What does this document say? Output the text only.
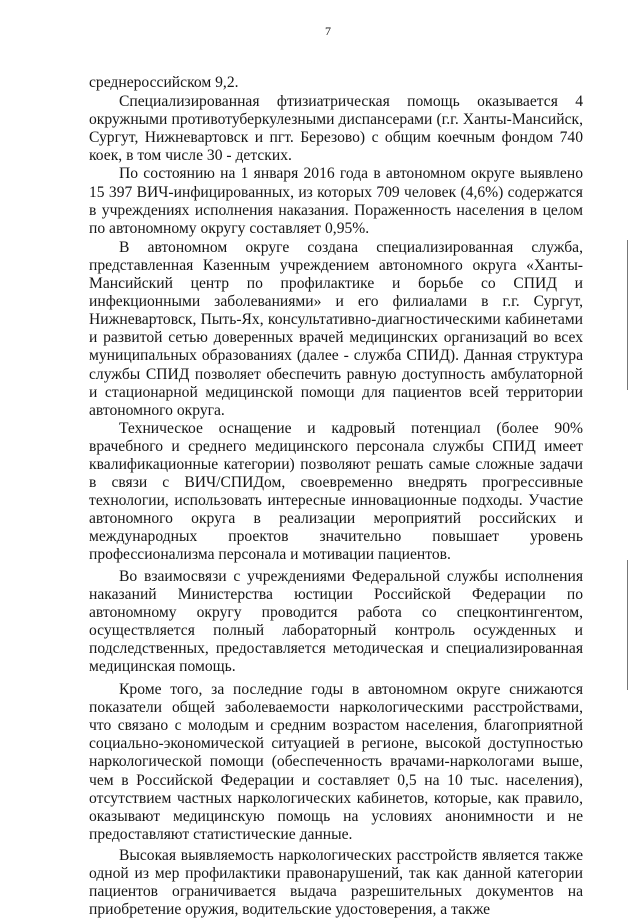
7

среднероссийском 9,2.

Специализированная фтизиатрическая помощь оказывается 4 окружными противотуберкулезными диспансерами (г.г. Ханты-Мансийск, Сургут, Нижневартовск и пгт. Березово) с общим коечным фондом 740 коек, в том числе 30 - детских.

По состоянию на 1 января 2016 года в автономном округе выявлено 15 397 ВИЧ-инфицированных, из которых 709 человек (4,6%) содержатся в учреждениях исполнения наказания. Пораженность населения в целом по автономному округу составляет 0,95%.

В автономном округе создана специализированная служба, представленная Казенным учреждением автономного округа «Ханты-Мансийский центр по профилактике и борьбе со СПИД и инфекционными заболеваниями» и его филиалами в г.г. Сургут, Нижневартовск, Пыть-Ях, консультативно-диагностическими кабинетами и развитой сетью доверенных врачей медицинских организаций во всех муниципальных образованиях (далее - служба СПИД). Данная структура службы СПИД позволяет обеспечить равную доступность амбулаторной и стационарной медицинской помощи для пациентов всей территории автономного округа.

Техническое оснащение и кадровый потенциал (более 90% врачебного и среднего медицинского персонала службы СПИД имеет квалификационные категории) позволяют решать самые сложные задачи в связи с ВИЧ/СПИДом, своевременно внедрять прогрессивные технологии, использовать интересные инновационные подходы. Участие автономного округа в реализации мероприятий российских и международных проектов значительно повышает уровень профессионализма персонала и мотивации пациентов.

Во взаимосвязи с учреждениями Федеральной службы исполнения наказаний Министерства юстиции Российской Федерации по автономному округу проводится работа со спецконтингентом, осуществляется полный лабораторный контроль осужденных и подследственных, предоставляется методическая и специализированная медицинская помощь.

Кроме того, за последние годы в автономном округе снижаются показатели общей заболеваемости наркологическими расстройствами, что связано с молодым и средним возрастом населения, благоприятной социально-экономической ситуацией в регионе, высокой доступностью наркологической помощи (обеспеченность врачами-наркологами выше, чем в Российской Федерации и составляет 0,5 на 10 тыс. населения), отсутствием частных наркологических кабинетов, которые, как правило, оказывают медицинскую помощь на условиях анонимности и не предоставляют статистические данные.

Высокая выявляемость наркологических расстройств является также одной из мер профилактики правонарушений, так как данной категории пациентов ограничивается выдача разрешительных документов на приобретение оружия, водительские удостоверения, а также
